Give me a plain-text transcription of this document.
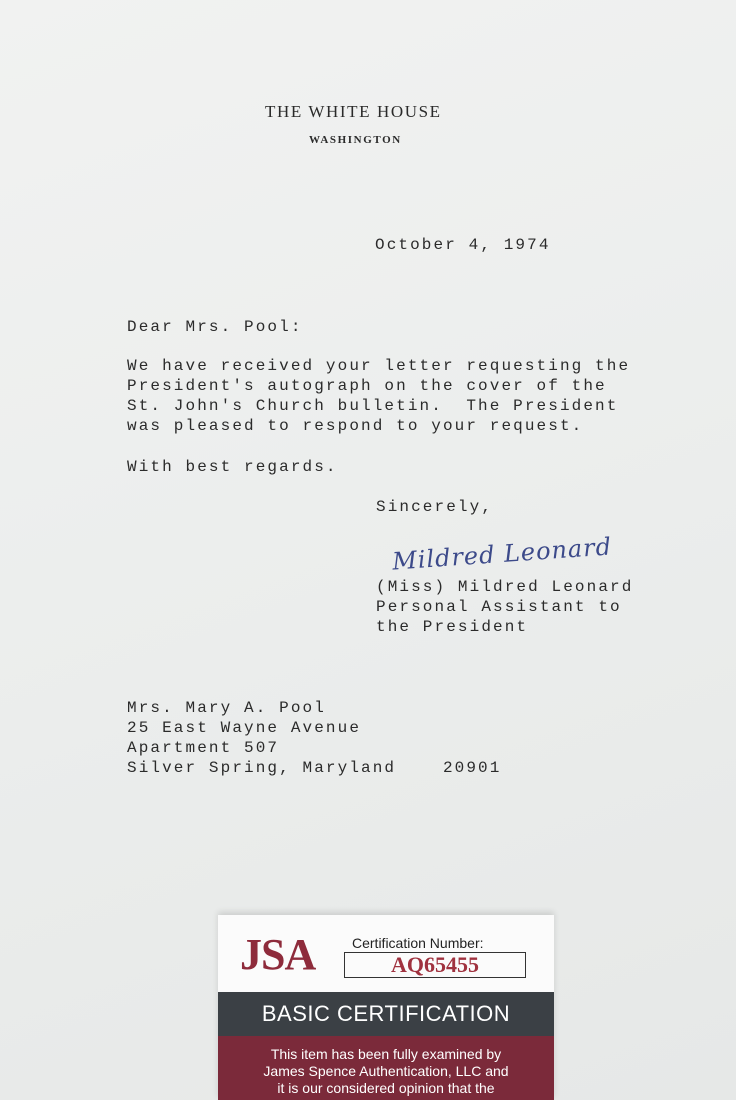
THE WHITE HOUSE
WASHINGTON
October 4, 1974
Dear Mrs. Pool:
We have received your letter requesting the
President's autograph on the cover of the
St. John's Church bulletin.  The President
was pleased to respond to your request.
With best regards.
Sincerely,
Mildred Leonard
(Miss) Mildred Leonard
Personal Assistant to
the President
Mrs. Mary A. Pool
25 East Wayne Avenue
Apartment 507
Silver Spring, Maryland    20901
JSA	Certification Number:
AQ65455
BASIC CERTIFICATION
This item has been fully examined by
James Spence Authentication, LLC and
it is our considered opinion that the
